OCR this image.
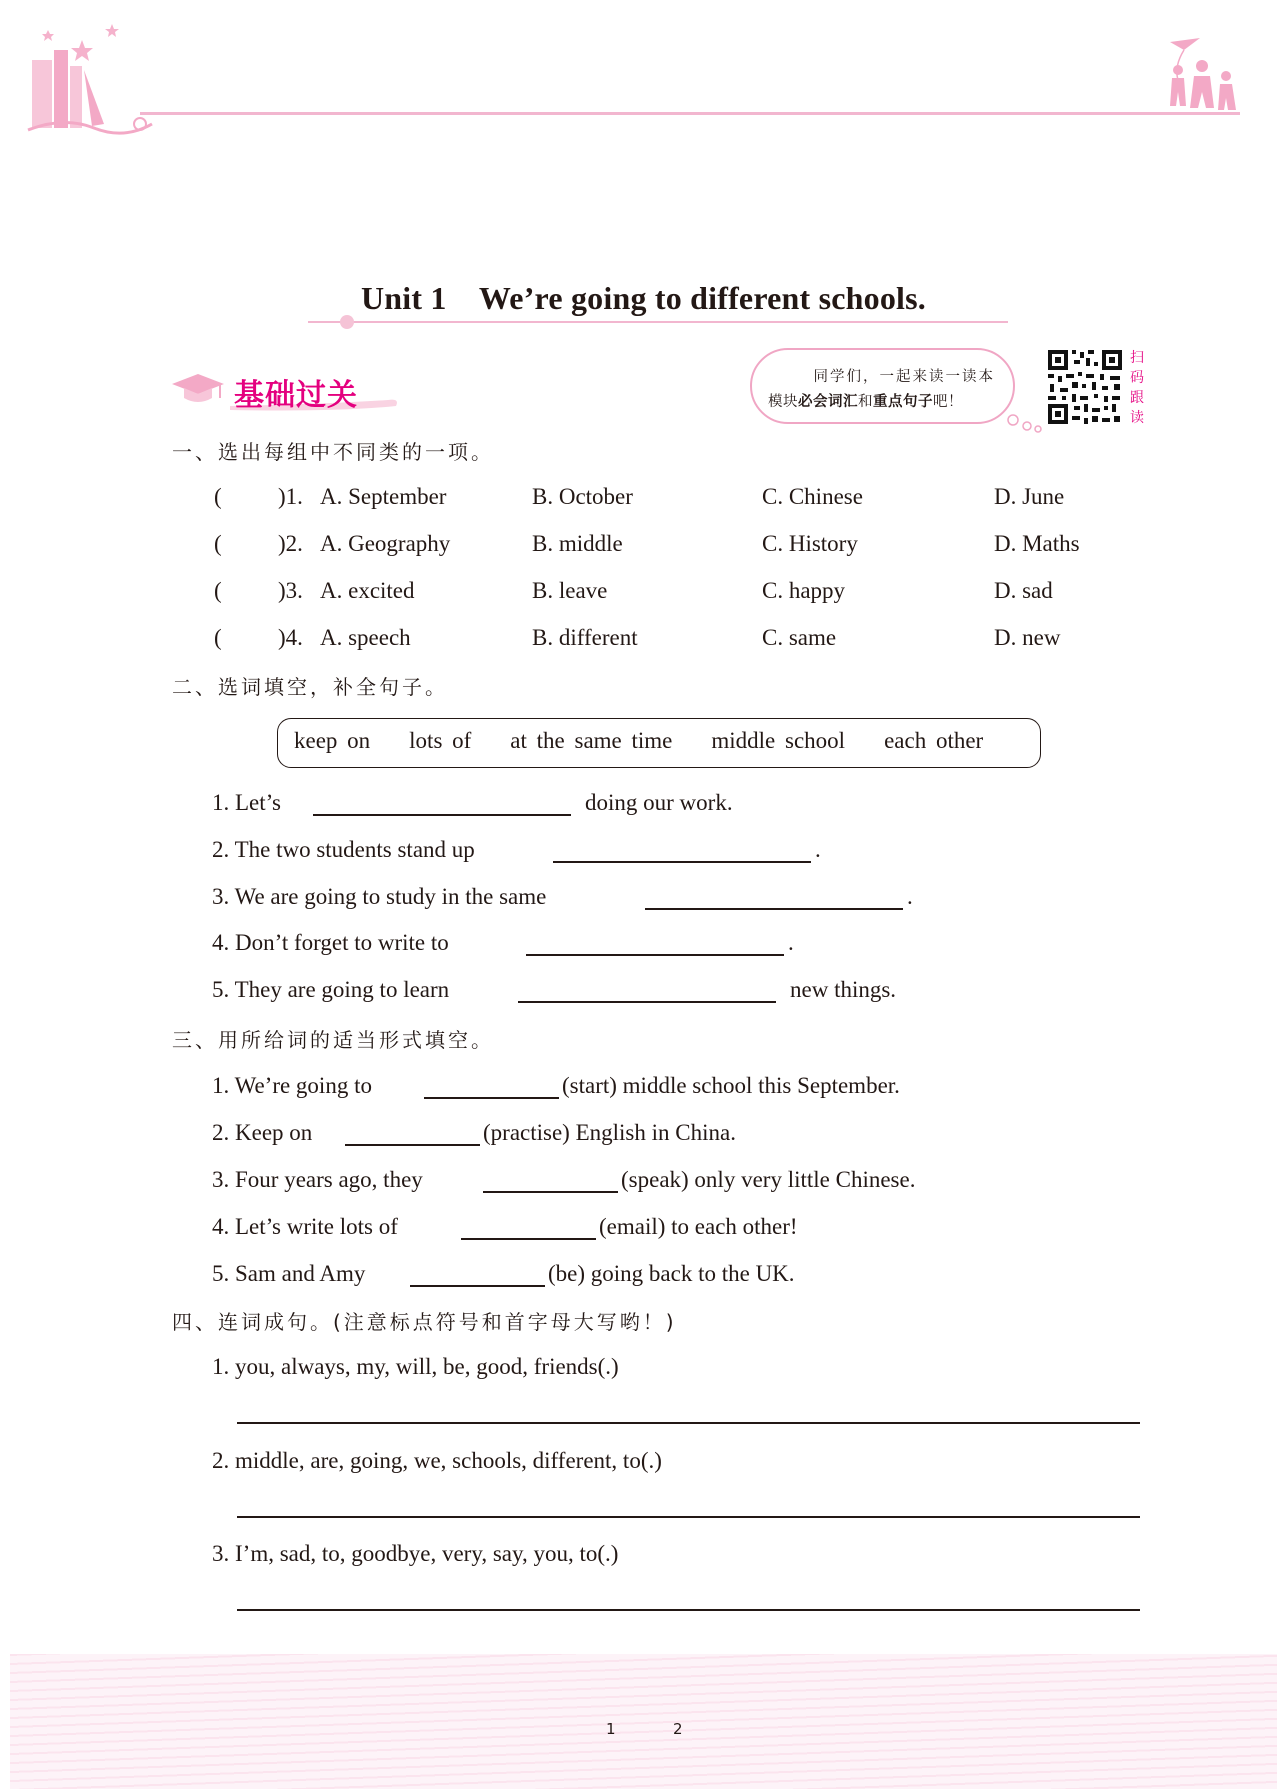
Unit 1    We’re going to different schools.
基础过关
同学们，一起来读一读本
模块必会词汇和重点句子吧！
扫码跟读
一、选出每组中不同类的一项。
( )1. A. September	B. October	C. Chinese	D. June
( )2. A. Geography	B. middle	C. History	D. Maths
( )3. A. excited	B. leave	C. happy	D. sad
( )4. A. speech	B. different	C. same	D. new
二、选词填空，补全句子。
keep on    lots of    at the same time    middle school    each other
1. Let’s	doing our work.
2. The two students stand up	.
3. We are going to study in the same	.
4. Don’t forget to write to	.
5. They are going to learn	new things.
三、用所给词的适当形式填空。
1. We’re going to	(start) middle school this September.
2. Keep on	(practise) English in China.
3. Four years ago, they	(speak) only very little Chinese.
4. Let’s write lots of	(email) to each other!
5. Sam and Amy	(be) going back to the UK.
四、连词成句。(注意标点符号和首字母大写哟！)
1. you, always, my, will, be, good, friends(.)
2. middle, are, going, we, schools, different, to(.)
3. I’m, sad, to, goodbye, very, say, you, to(.)
1	2
